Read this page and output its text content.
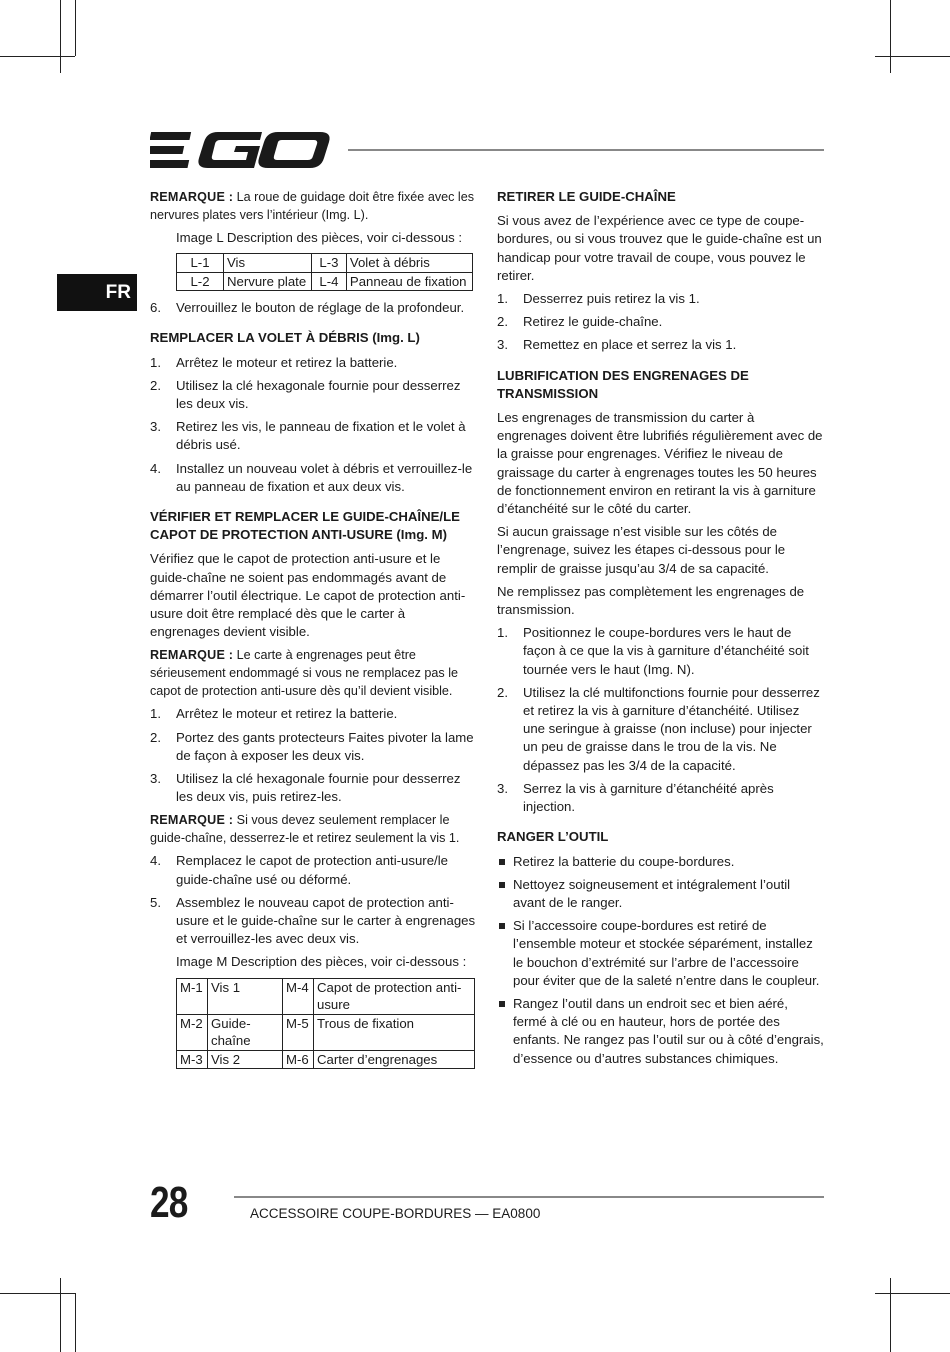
FR

REMARQUE : La roue de guidage doit être fixée avec les nervures plates vers l’intérieur (Img. L).

Image L Description des pièces, voir ci-dessous :

L-1	Vis	L-3	Volet à débris
L-2	Nervure plate	L-4	Panneau de fixation
6. Verrouillez le bouton de réglage de la profondeur.
REMPLACER LA VOLET À DÉBRIS (Img. L)
1. Arrêtez le moteur et retirez la batterie.
2. Utilisez la clé hexagonale fournie pour desserrez les deux vis.
3. Retirez les vis, le panneau de fixation et le volet à débris usé.
4. Installez un nouveau volet à débris et verrouillez-le au panneau de fixation et aux deux vis.
VÉRIFIER ET REMPLACER LE GUIDE-CHAÎNE/LE CAPOT DE PROTECTION ANTI-USURE (Img. M)

Vérifiez que le capot de protection anti-usure et le guide-chaîne ne soient pas endommagés avant de démarrer l’outil électrique. Le capot de protection anti-usure doit être remplacé dès que le carter à engrenages devient visible.

REMARQUE : Le carte à engrenages peut être sérieusement endommagé si vous ne remplacez pas le capot de protection anti-usure dès qu’il devient visible.

1. Arrêtez le moteur et retirez la batterie.
2. Portez des gants protecteurs Faites pivoter la lame de façon à exposer les deux vis.
3. Utilisez la clé hexagonale fournie pour desserrez les deux vis, puis retirez-les.

REMARQUE : Si vous devez seulement remplacer le guide-chaîne, desserrez-le et retirez seulement la vis 1.

4. Remplacez le capot de protection anti-usure/le guide-chaîne usé ou déformé.
5. Assemblez le nouveau capot de protection anti-usure et le guide-chaîne sur le carter à engrenages et verrouillez-les avec deux vis.

Image M Description des pièces, voir ci-dessous :

M-1	Vis 1	M-4	Capot de protection anti-usure
M-2	Guide-chaîne	M-5	Trous de fixation
M-3	Vis 2	M-6	Carter d’engrenages
RETIRER LE GUIDE-CHAÎNE

Si vous avez de l’expérience avec ce type de coupe-bordures, ou si vous trouvez que le guide-chaîne est un handicap pour votre travail de coupe, vous pouvez le retirer.

1. Desserrez puis retirez la vis 1.
2. Retirez le guide-chaîne.
3. Remettez en place et serrez la vis 1.
LUBRIFICATION DES ENGRENAGES DE TRANSMISSION

Les engrenages de transmission du carter à engrenages doivent être lubrifiés régulièrement avec de la graisse pour engrenages. Vérifiez le niveau de graissage du carter à engrenages toutes les 50 heures de fonctionnement environ en retirant la vis à garniture d’étanchéité sur le côté du carter.

Si aucun graissage n’est visible sur les côtés de l’engrenage, suivez les étapes ci-dessous pour le remplir de graisse jusqu’au 3/4 de sa capacité.

Ne remplissez pas complètement les engrenages de transmission.

1. Positionnez le coupe-bordures vers le haut de façon à ce que la vis à garniture d’étanchéité soit tournée vers le haut (Img. N).
2. Utilisez la clé multifonctions fournie pour desserrez et retirez la vis à garniture d’étanchéité. Utilisez une seringue à graisse (non incluse) pour injecter un peu de graisse dans le trou de la vis. Ne dépassez pas les 3/4 de la capacité.
3. Serrez la vis à garniture d’étanchéité après injection.
RANGER L’OUTIL
Retirez la batterie du coupe-bordures.
Nettoyez soigneusement et intégralement l’outil avant de le ranger.
Si l’accessoire coupe-bordures est retiré de l’ensemble moteur et stockée séparément, installez le bouchon d’extrémité sur l’arbre de l’accessoire pour éviter que de la saleté n’entre dans le coupleur.
Rangez l’outil dans un endroit sec et bien aéré, fermé à clé ou en hauteur, hors de portée des enfants. Ne rangez pas l’outil sur ou à côté d’engrais, d’essence ou d’autres substances chimiques.
28	ACCESSOIRE COUPE-BORDURES — EA0800
